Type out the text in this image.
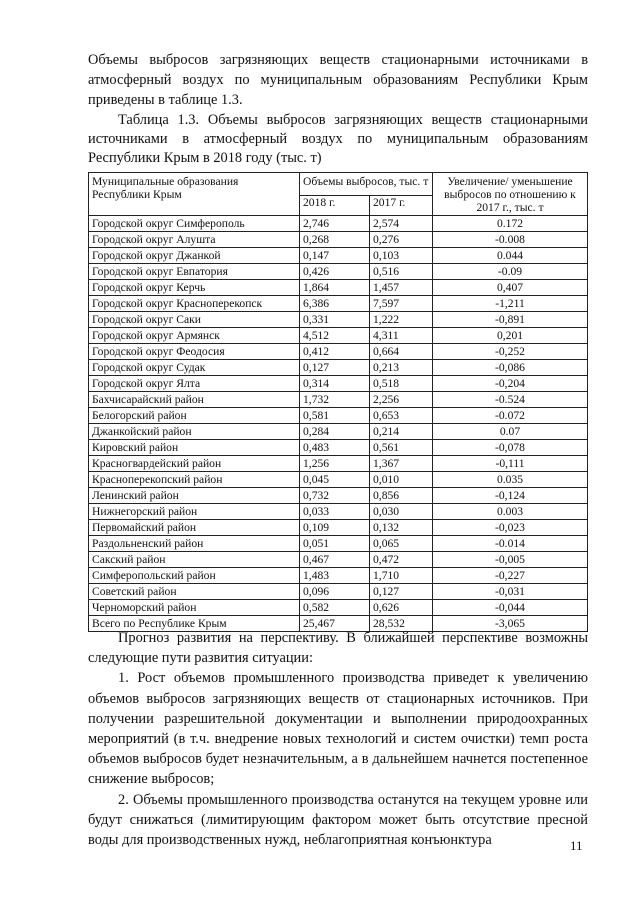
Объемы выбросов загрязняющих веществ стационарными источниками в атмосферный воздух по муниципальным образованиям Республики Крым приведены в таблице 1.3.
Таблица 1.3. Объемы выбросов загрязняющих веществ стационарными источниками в атмосферный воздух по муниципальным образованиям Республики Крым в 2018 году (тыс. т)
Муниципальные образования Республики Крым	Объемы выбросов, тыс. т		Увеличение/ уменьшение выбросов по отношению к 2017 г., тыс. т
	2018 г.	2017 г.	
Городской округ Симферополь	2,746	2,574	0.172
Городской округ Алушта	0,268	0,276	-0.008
Городской округ Джанкой	0,147	0,103	0.044
Городской округ Евпатория	0,426	0,516	-0.09
Городской округ Керчь	1,864	1,457	0,407
Городской округ Красноперекопск	6,386	7,597	-1,211
Городской округ Саки	0,331	1,222	-0,891
Городской округ Армянск	4,512	4,311	0,201
Городской округ Феодосия	0,412	0,664	-0,252
Городской округ Судак	0,127	0,213	-0,086
Городской округ Ялта	0,314	0,518	-0,204
Бахчисарайский район	1,732	2,256	-0.524
Белогорский район	0,581	0,653	-0.072
Джанкойский район	0,284	0,214	0.07
Кировский район	0,483	0,561	-0,078
Красногвардейский район	1,256	1,367	-0,111
Красноперекопский район	0,045	0,010	0.035
Ленинский район	0,732	0,856	-0,124
Нижнегорский район	0,033	0,030	0.003
Первомайский район	0,109	0,132	-0,023
Раздольненский район	0,051	0,065	-0.014
Сакский район	0,467	0,472	-0,005
Симферопольский район	1,483	1,710	-0,227
Советский район	0,096	0,127	-0,031
Черноморский район	0,582	0,626	-0,044
Всего по Республике Крым	25,467	28,532	-3,065

Прогноз развития на перспективу. В ближайшей перспективе возможны следующие пути развития ситуации:

1. Рост объемов промышленного производства приведет к увеличению объемов выбросов загрязняющих веществ от стационарных источников. При получении разрешительной документации и выполнении природоохранных мероприятий (в т.ч. внедрение новых технологий и систем очистки) темп роста объемов выбросов будет незначительным, а в дальнейшем начнется постепенное снижение выбросов;

2. Объемы промышленного производства останутся на текущем уровне или будут снижаться (лимитирующим фактором может быть отсутствие пресной воды для производственных нужд, неблагоприятная конъюнктура	11
